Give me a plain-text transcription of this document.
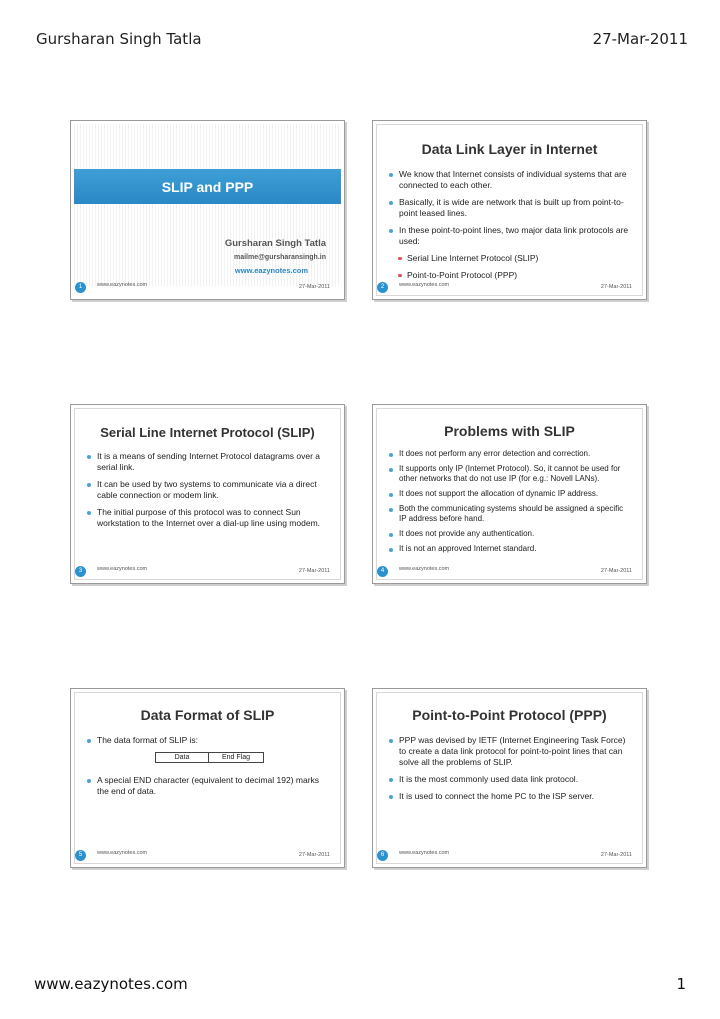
Gursharan Singh Tatla	27-Mar-2011
SLIP and PPP
Gursharan Singh Tatla
mailme@gursharansingh.in
www.eazynotes.com
1	www.eazynotes.com	27-Mar-2011
Data Link Layer in Internet
We know that Internet consists of individual systems that are connected to each other.
Basically, it is wide are network that is built up from point-to-point leased lines.
In these point-to-point lines, two major data link protocols are used:
Serial Line Internet Protocol (SLIP)
Point-to-Point Protocol (PPP)
2	www.eazynotes.com	27-Mar-2011
Serial Line Internet Protocol (SLIP)
It is a means of sending Internet Protocol datagrams over a serial link.
It can be used by two systems to communicate via a direct cable connection or modem link.
The initial purpose of this protocol was to connect Sun workstation to the Internet over a dial-up line using modem.
3	www.eazynotes.com	27-Mar-2011
Problems with SLIP
It does not perform any error detection and correction.
It supports only IP (Internet Protocol). So, it cannot be used for other networks that do not use IP (for e.g.: Novell LANs).
It does not support the allocation of dynamic IP address.
Both the communicating systems should be assigned a specific IP address before hand.
It does not provide any authentication.
It is not an approved Internet standard.
4	www.eazynotes.com	27-Mar-2011
Data Format of SLIP
The data format of SLIP is:
Data	End Flag
A special END character (equivalent to decimal 192) marks the end of data.
5	www.eazynotes.com	27-Mar-2011
Point-to-Point Protocol (PPP)
PPP was devised by IETF (Internet Engineering Task Force) to create a data link protocol for point-to-point lines that can solve all the problems of SLIP.
It is the most commonly used data link protocol.
It is used to connect the home PC to the ISP server.
6	www.eazynotes.com	27-Mar-2011
www.eazynotes.com	1
